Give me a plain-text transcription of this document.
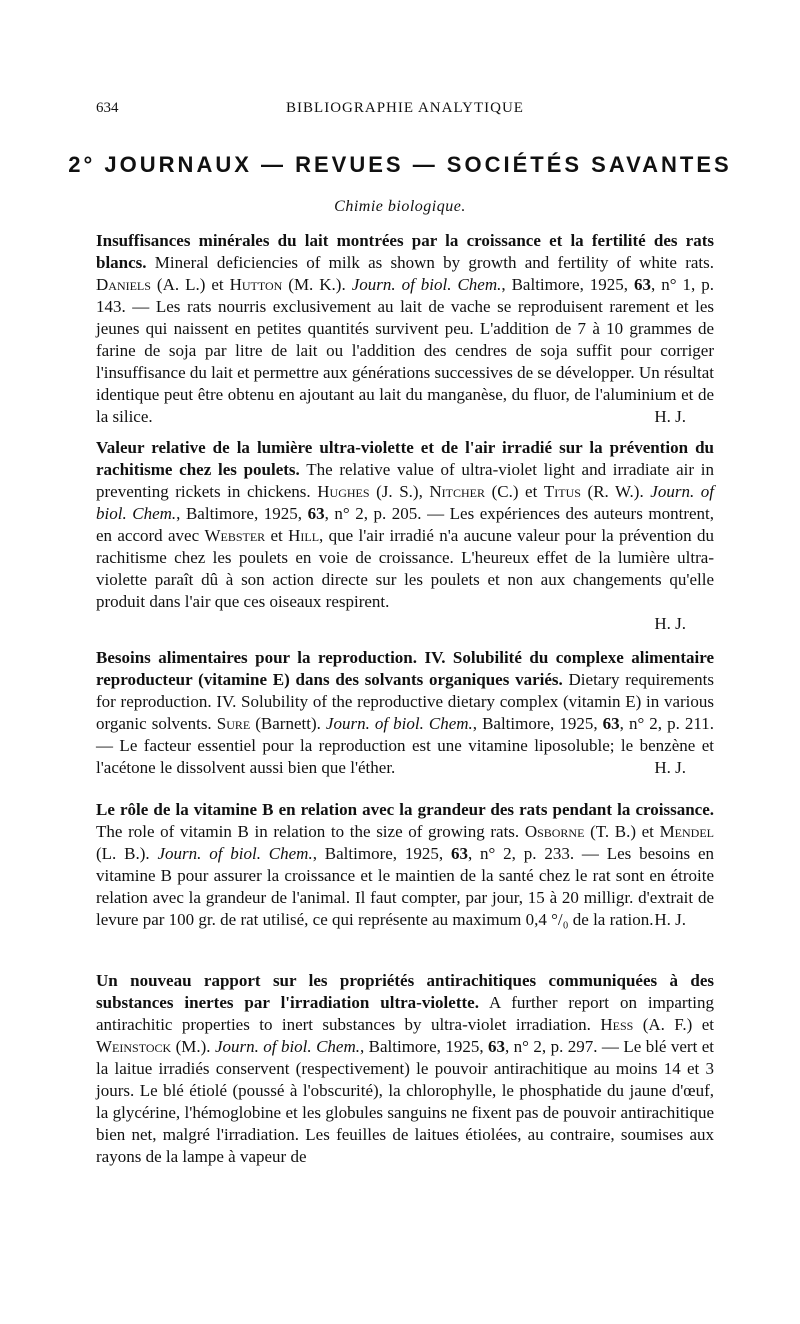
634	BIBLIOGRAPHIE ANALYTIQUE
2° JOURNAUX — REVUES — SOCIÉTÉS SAVANTES
Chimie biologique.
Insuffisances minérales du lait montrées par la croissance et la fertilité des rats blancs. Mineral deficiencies of milk as shown by growth and fertility of white rats. Daniels (A. L.) et Hutton (M. K.). Journ. of biol. Chem., Baltimore, 1925, 63, n° 1, p. 143. — Les rats nourris exclusivement au lait de vache se reproduisent rarement et les jeunes qui naissent en petites quantités survivent peu. L'addition de 7 à 10 grammes de farine de soja par litre de lait ou l'addition des cendres de soja suffit pour corriger l'insuffisance du lait et permettre aux générations successives de se développer. Un résultat identique peut être obtenu en ajoutant au lait du manganèse, du fluor, de l'aluminium et de la silice.	H. J.
Valeur relative de la lumière ultra-violette et de l'air irradié sur la prévention du rachitisme chez les poulets. The relative value of ultra-violet light and irradiate air in preventing rickets in chickens. Hughes (J. S.), Nitcher (C.) et Titus (R. W.). Journ. of biol. Chem., Baltimore, 1925, 63, n° 2, p. 205. — Les expériences des auteurs montrent, en accord avec Webster et Hill, que l'air irradié n'a aucune valeur pour la prévention du rachitisme chez les poulets en voie de croissance. L'heureux effet de la lumière ultra-violette paraît dû à son action directe sur les poulets et non aux changements qu'elle produit dans l'air que ces oiseaux respirent.
H. J.
Besoins alimentaires pour la reproduction. IV. Solubilité du complexe alimentaire reproducteur (vitamine E) dans des solvants organiques variés. Dietary requirements for reproduction. IV. Solubility of the reproductive dietary complex (vitamin E) in various organic solvents. Sure (Barnett). Journ. of biol. Chem., Baltimore, 1925, 63, n° 2, p. 211. — Le facteur essentiel pour la reproduction est une vitamine liposoluble; le benzène et l'acétone le dissolvent aussi bien que l'éther.	H. J.
Le rôle de la vitamine B en relation avec la grandeur des rats pendant la croissance. The role of vitamin B in relation to the size of growing rats. Osborne (T. B.) et Mendel (L. B.). Journ. of biol. Chem., Baltimore, 1925, 63, n° 2, p. 233. — Les besoins en vitamine B pour assurer la croissance et le maintien de la santé chez le rat sont en étroite relation avec la grandeur de l'animal. Il faut compter, par jour, 15 à 20 milligr. d'extrait de levure par 100 gr. de rat utilisé, ce qui représente au maximum 0,4 °/₀ de la ration. H. J.
Un nouveau rapport sur les propriétés antirachitiques communiquées à des substances inertes par l'irradiation ultra-violette. A further report on imparting antirachitic properties to inert substances by ultra-violet irradiation. Hess (A. F.) et Weinstock (M.). Journ. of biol. Chem., Baltimore, 1925, 63, n° 2, p. 297. — Le blé vert et la laitue irradiés conservent (respectivement) le pouvoir antirachitique au moins 14 et 3 jours. Le blé étiolé (poussé à l'obscurité), la chlorophylle, le phosphatide du jaune d'œuf, la glycérine, l'hémoglobine et les globules sanguins ne fixent pas de pouvoir antirachitique bien net, malgré l'irradiation. Les feuilles de laitues étiolées, au contraire, soumises aux rayons de la lampe à vapeur de
